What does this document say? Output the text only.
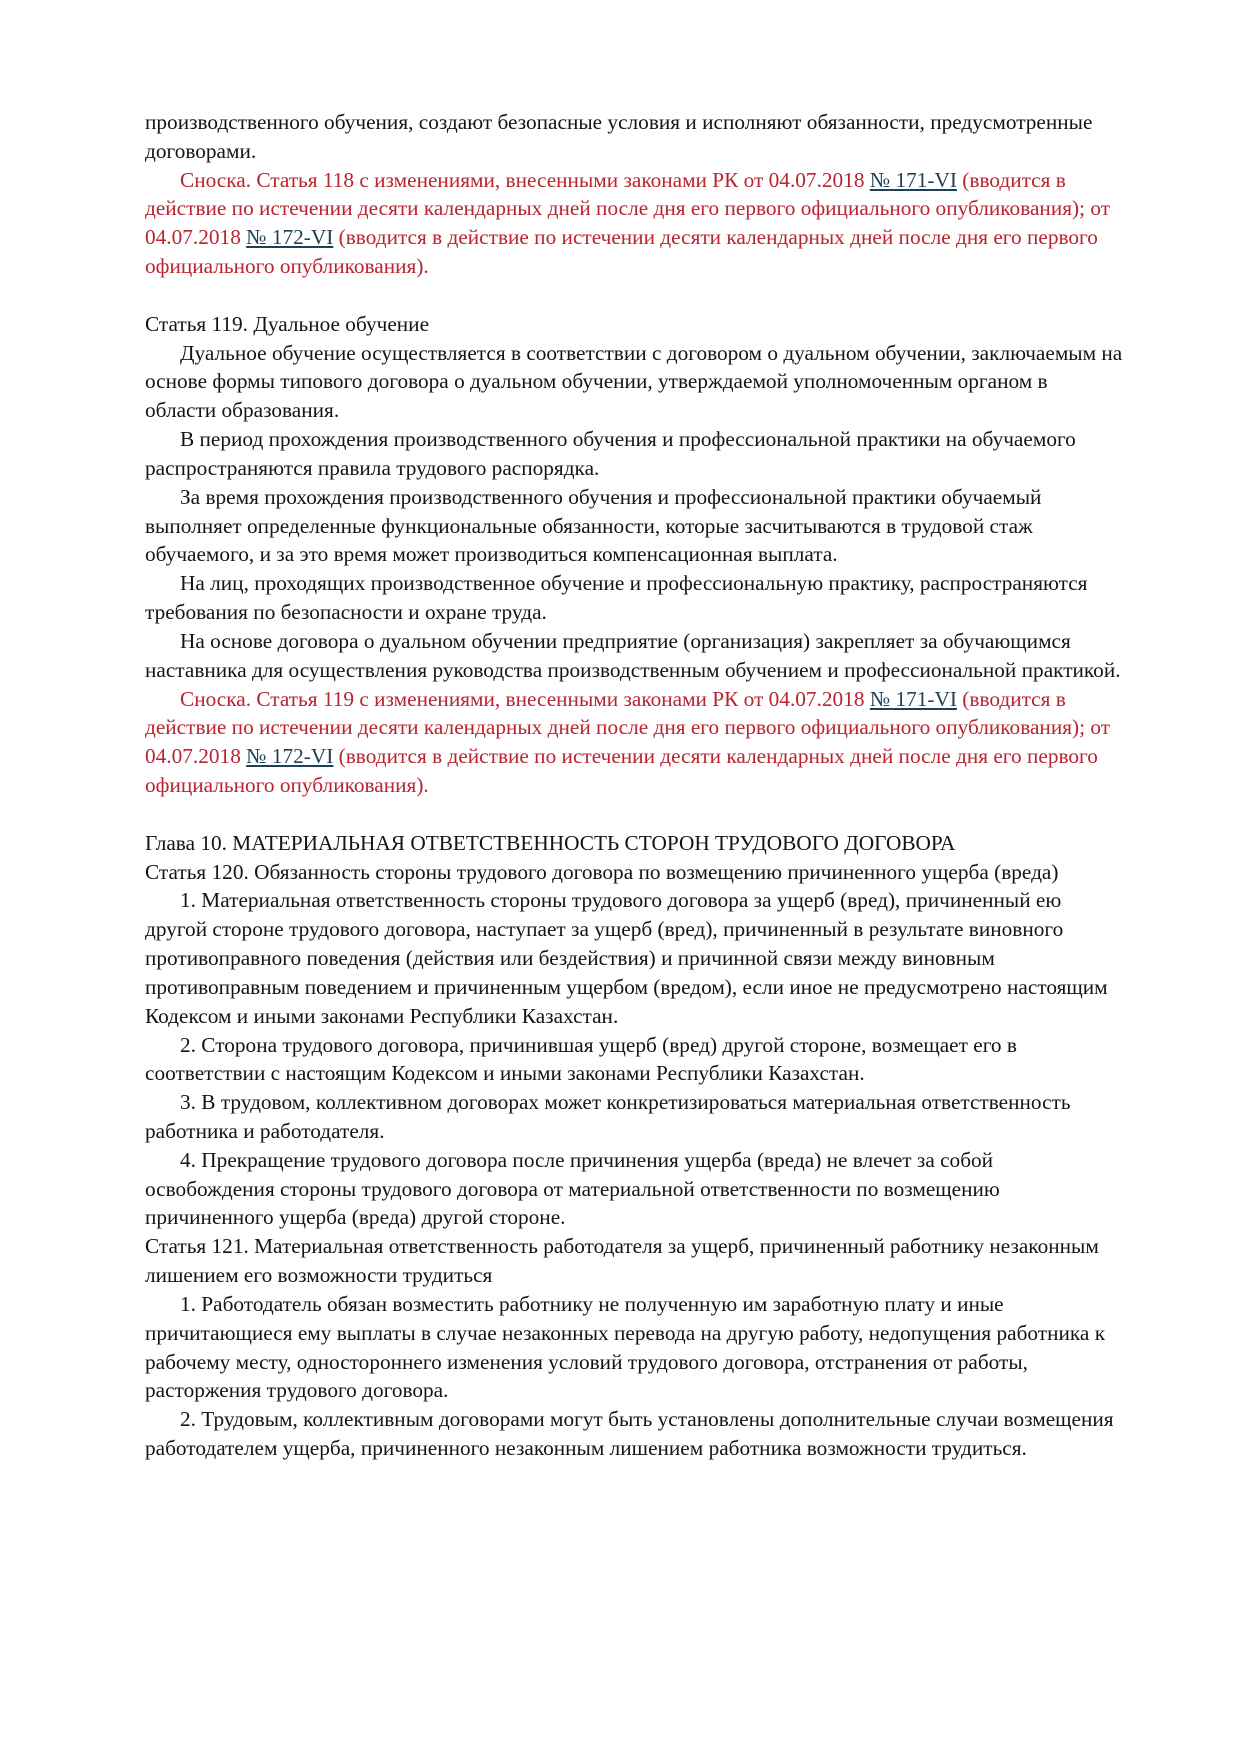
производственного обучения, создают безопасные условия и исполняют обязанности, предусмотренные договорами.

Сноска. Статья 118 с изменениями, внесенными законами РК от 04.07.2018 № 171-VI (вводится в действие по истечении десяти календарных дней после дня его первого официального опубликования); от 04.07.2018 № 172-VI (вводится в действие по истечении десяти календарных дней после дня его первого официального опубликования).

Статья 119. Дуальное обучение

Дуальное обучение осуществляется в соответствии с договором о дуальном обучении, заключаемым на основе формы типового договора о дуальном обучении, утверждаемой уполномоченным органом в области образования.

В период прохождения производственного обучения и профессиональной практики на обучаемого распространяются правила трудового распорядка.

За время прохождения производственного обучения и профессиональной практики обучаемый выполняет определенные функциональные обязанности, которые засчитываются в трудовой стаж обучаемого, и за это время может производиться компенсационная выплата.

На лиц, проходящих производственное обучение и профессиональную практику, распространяются требования по безопасности и охране труда.

На основе договора о дуальном обучении предприятие (организация) закрепляет за обучающимся наставника для осуществления руководства производственным обучением и профессиональной практикой.

Сноска. Статья 119 с изменениями, внесенными законами РК от 04.07.2018 № 171-VI (вводится в действие по истечении десяти календарных дней после дня его первого официального опубликования); от 04.07.2018 № 172-VI (вводится в действие по истечении десяти календарных дней после дня его первого официального опубликования).

Глава 10. МАТЕРИАЛЬНАЯ ОТВЕТСТВЕННОСТЬ СТОРОН ТРУДОВОГО ДОГОВОРА

Статья 120. Обязанность стороны трудового договора по возмещению причиненного ущерба (вреда)

1. Материальная ответственность стороны трудового договора за ущерб (вред), причиненный ею другой стороне трудового договора, наступает за ущерб (вред), причиненный в результате виновного противоправного поведения (действия или бездействия) и причинной связи между виновным противоправным поведением и причиненным ущербом (вредом), если иное не предусмотрено настоящим Кодексом и иными законами Республики Казахстан.

2. Сторона трудового договора, причинившая ущерб (вред) другой стороне, возмещает его в соответствии с настоящим Кодексом и иными законами Республики Казахстан.

3. В трудовом, коллективном договорах может конкретизироваться материальная ответственность работника и работодателя.

4. Прекращение трудового договора после причинения ущерба (вреда) не влечет за собой освобождения стороны трудового договора от материальной ответственности по возмещению причиненного ущерба (вреда) другой стороне.

Статья 121. Материальная ответственность работодателя за ущерб, причиненный работнику незаконным лишением его возможности трудиться

1. Работодатель обязан возместить работнику не полученную им заработную плату и иные причитающиеся ему выплаты в случае незаконных перевода на другую работу, недопущения работника к рабочему месту, одностороннего изменения условий трудового договора, отстранения от работы, расторжения трудового договора.

2. Трудовым, коллективным договорами могут быть установлены дополнительные случаи возмещения работодателем ущерба, причиненного незаконным лишением работника возможности трудиться.
